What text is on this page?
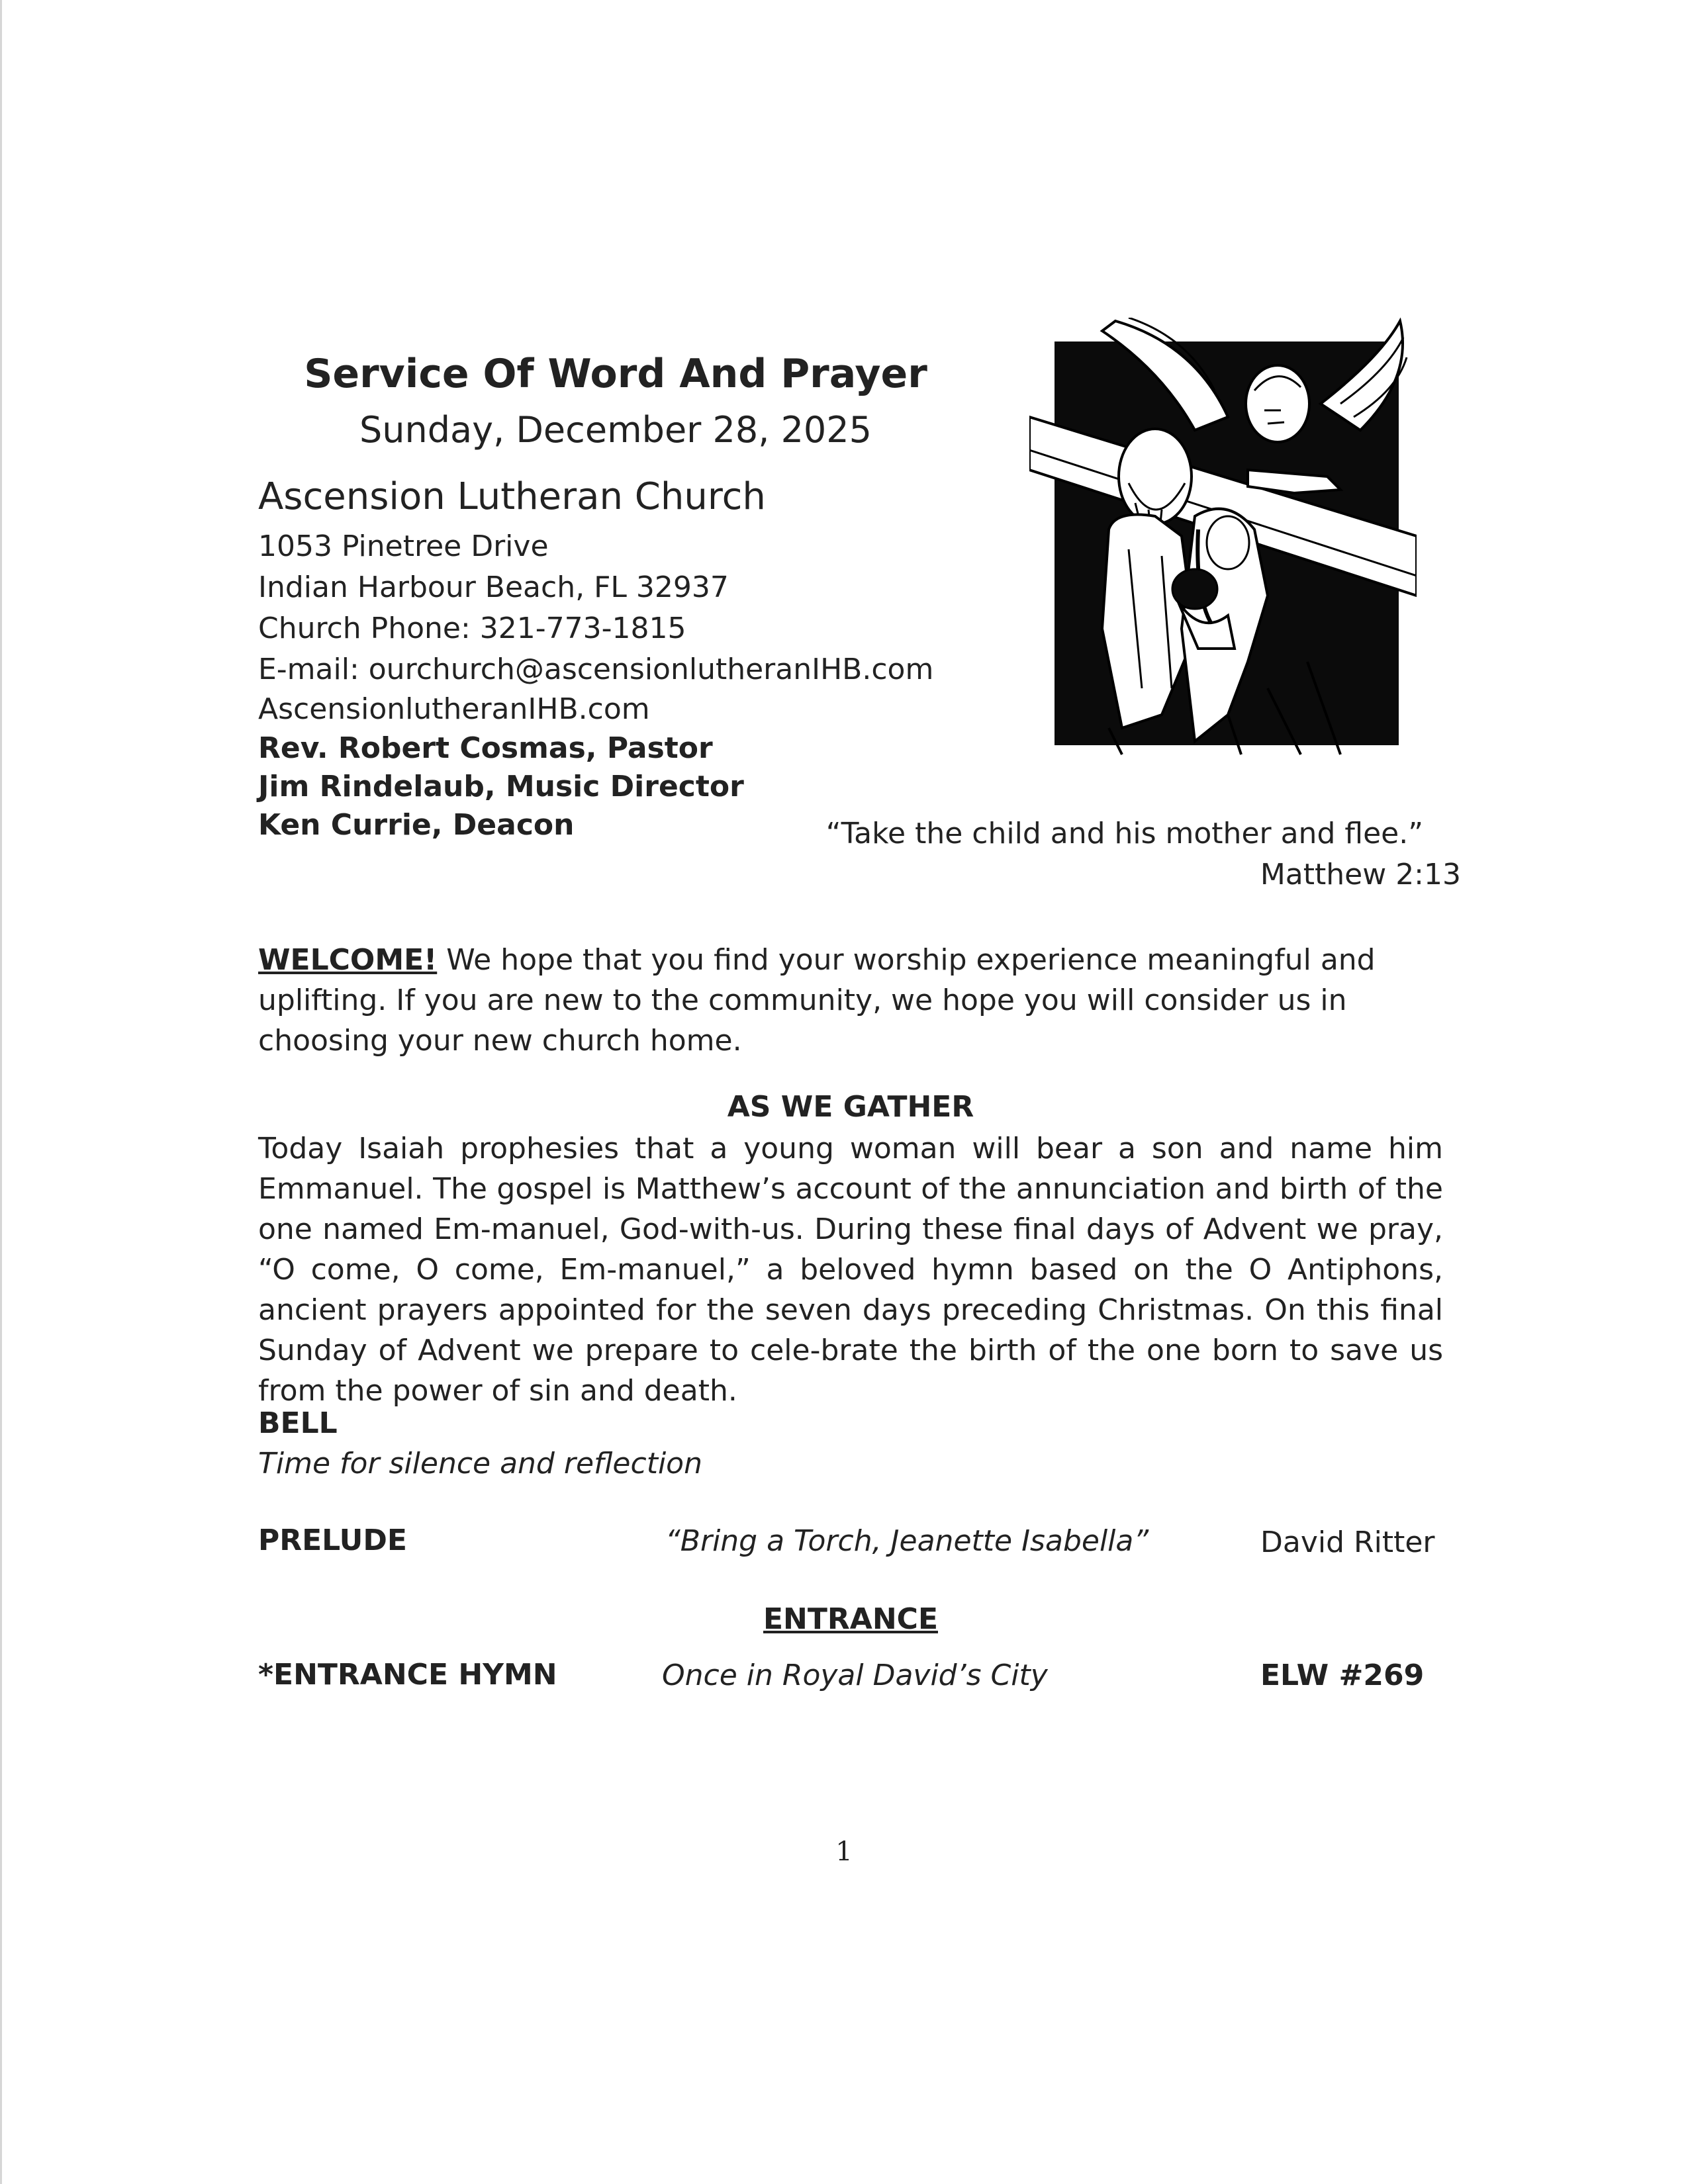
Service Of Word And Prayer
Sunday, December 28, 2025
Ascension Lutheran Church
1053 Pinetree Drive
Indian Harbour Beach, FL 32937
Church Phone: 321-773-1815
E-mail: ourchurch@ascensionlutheranIHB.com
AscensionlutheranIHB.com
Rev. Robert Cosmas, Pastor
Jim Rindelaub, Music Director
Ken Currie, Deacon	“Take the child and his mother and flee.”
Matthew 2:13
WELCOME! We hope that you find your worship experience meaningful and uplifting. If you are new to the community, we hope you will consider us in choosing your new church home.
AS WE GATHER
Today Isaiah prophesies that a young woman will bear a son and name him Emmanuel. The gospel is Matthew’s account of the annunciation and birth of the one named Em-manuel, God-with-us. During these final days of Advent we pray, “O come, O come, Em-manuel,” a beloved hymn based on the O Antiphons, ancient prayers appointed for the seven days preceding Christmas. On this final Sunday of Advent we prepare to cele-brate the birth of the one born to save us from the power of sin and death.
BELL
Time for silence and reflection
PRELUDE	“Bring a Torch, Jeanette Isabella”	David Ritter
ENTRANCE
*ENTRANCE HYMN	Once in Royal David’s City	ELW #269
1
